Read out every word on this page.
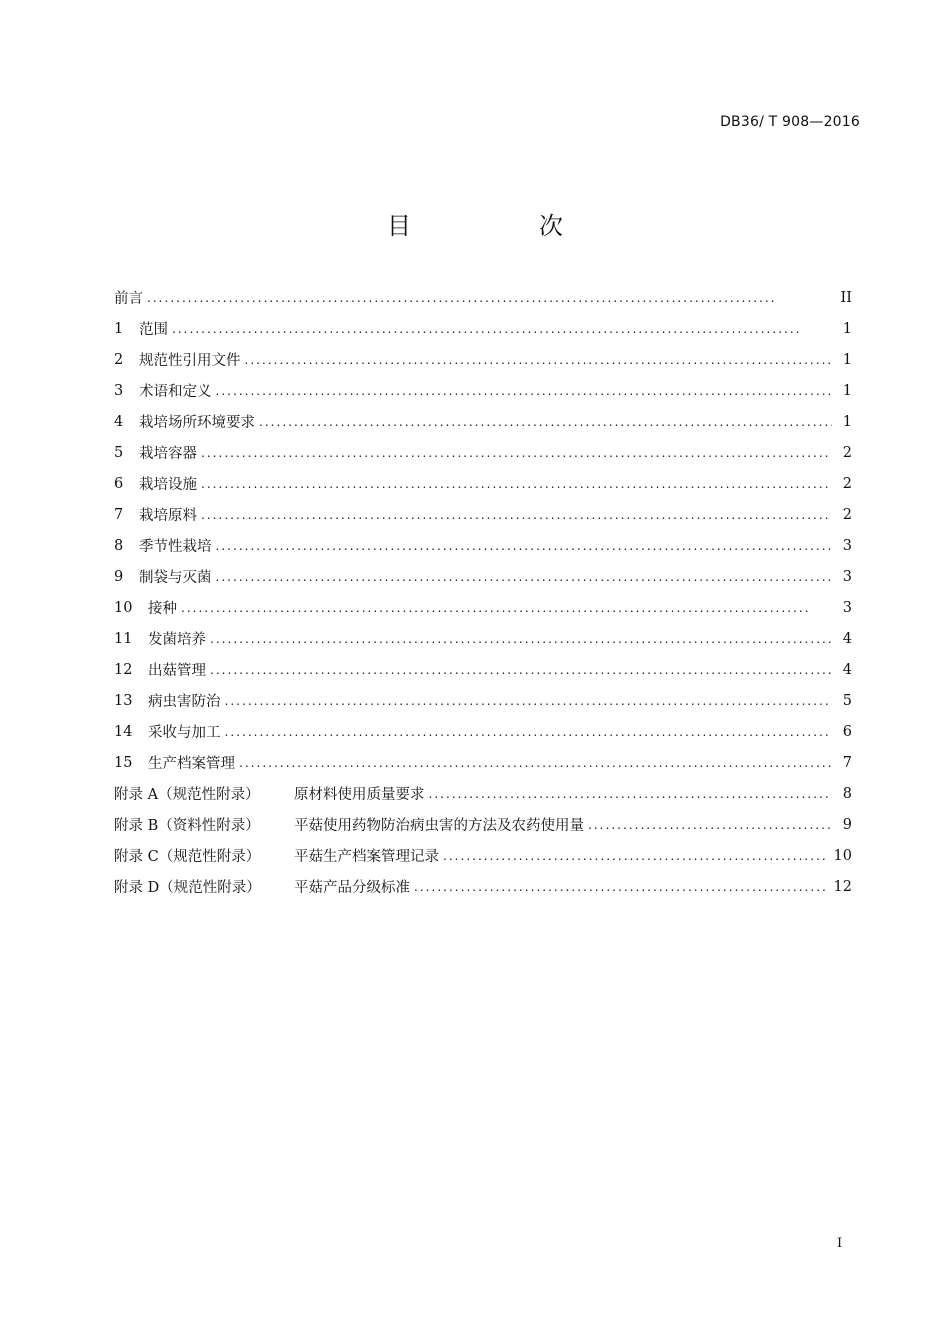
DB36/ T 908—2016
目　次
前言 . . .	II
1	范围 . . .	1
2	规范性引用文件 . . .	1
3	术语和定义 . . .	1
4	栽培场所环境要求 . . .	1
5	栽培容器 . . .	2
6	栽培设施 . . .	2
7	栽培原料 . . .	2
8	季节性栽培 . . .	3
9	制袋与灭菌 . . .	3
10	接种 . . .	3
11	发菌培养 . . .	4
12	出菇管理 . . .	4
13	病虫害防治 . . .	5
14	采收与加工 . . .	6
15	生产档案管理 . . .	7
附录 A（规范性附录）	原材料使用质量要求 . . .	8
附录 B（资料性附录）	平菇使用药物防治病虫害的方法及农药使用量 . . .	9
附录 C（规范性附录）	平菇生产档案管理记录 . . .	10
附录 D（规范性附录）	平菇产品分级标准 . . .	12
I
